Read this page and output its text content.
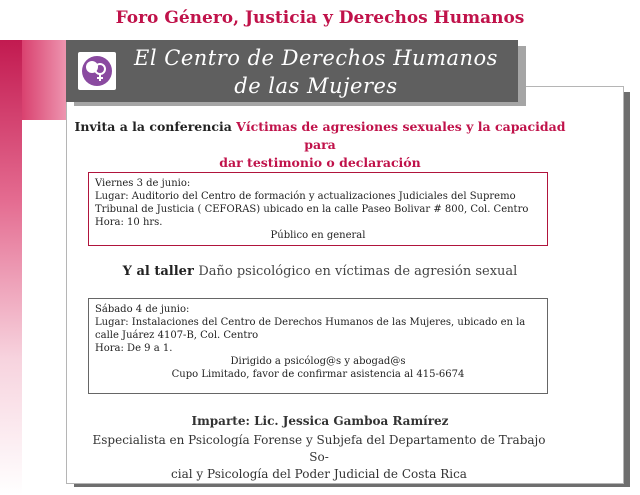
Foro Género, Justicia y Derechos Humanos
El Centro de Derechos Humanos
de las Mujeres
Invita a la conferencia Víctimas de agresiones sexuales y la capacidad para
dar testimonio o declaración
Viernes 3 de junio:
Lugar: Auditorio del Centro de formación y actualizaciones Judiciales del Supremo Tribunal de Justicia ( CEFORAS) ubicado en la calle Paseo Bolivar # 800, Col. Centro
Hora: 10 hrs.
Público en general
Y al taller Daño psicológico en víctimas de agresión sexual
Sábado 4 de junio:
Lugar: Instalaciones del Centro de Derechos Humanos de las Mujeres, ubicado en la calle Juárez 4107-B, Col. Centro
Hora: De 9 a 1.
Dirigido a psicólog@s y abogad@s
Cupo Limitado, favor de confirmar asistencia al 415-6674
Imparte: Lic. Jessica Gamboa Ramírez
Especialista en Psicología Forense y Subjefa del Departamento de Trabajo So-
cial y Psicología del Poder Judicial de Costa Rica
